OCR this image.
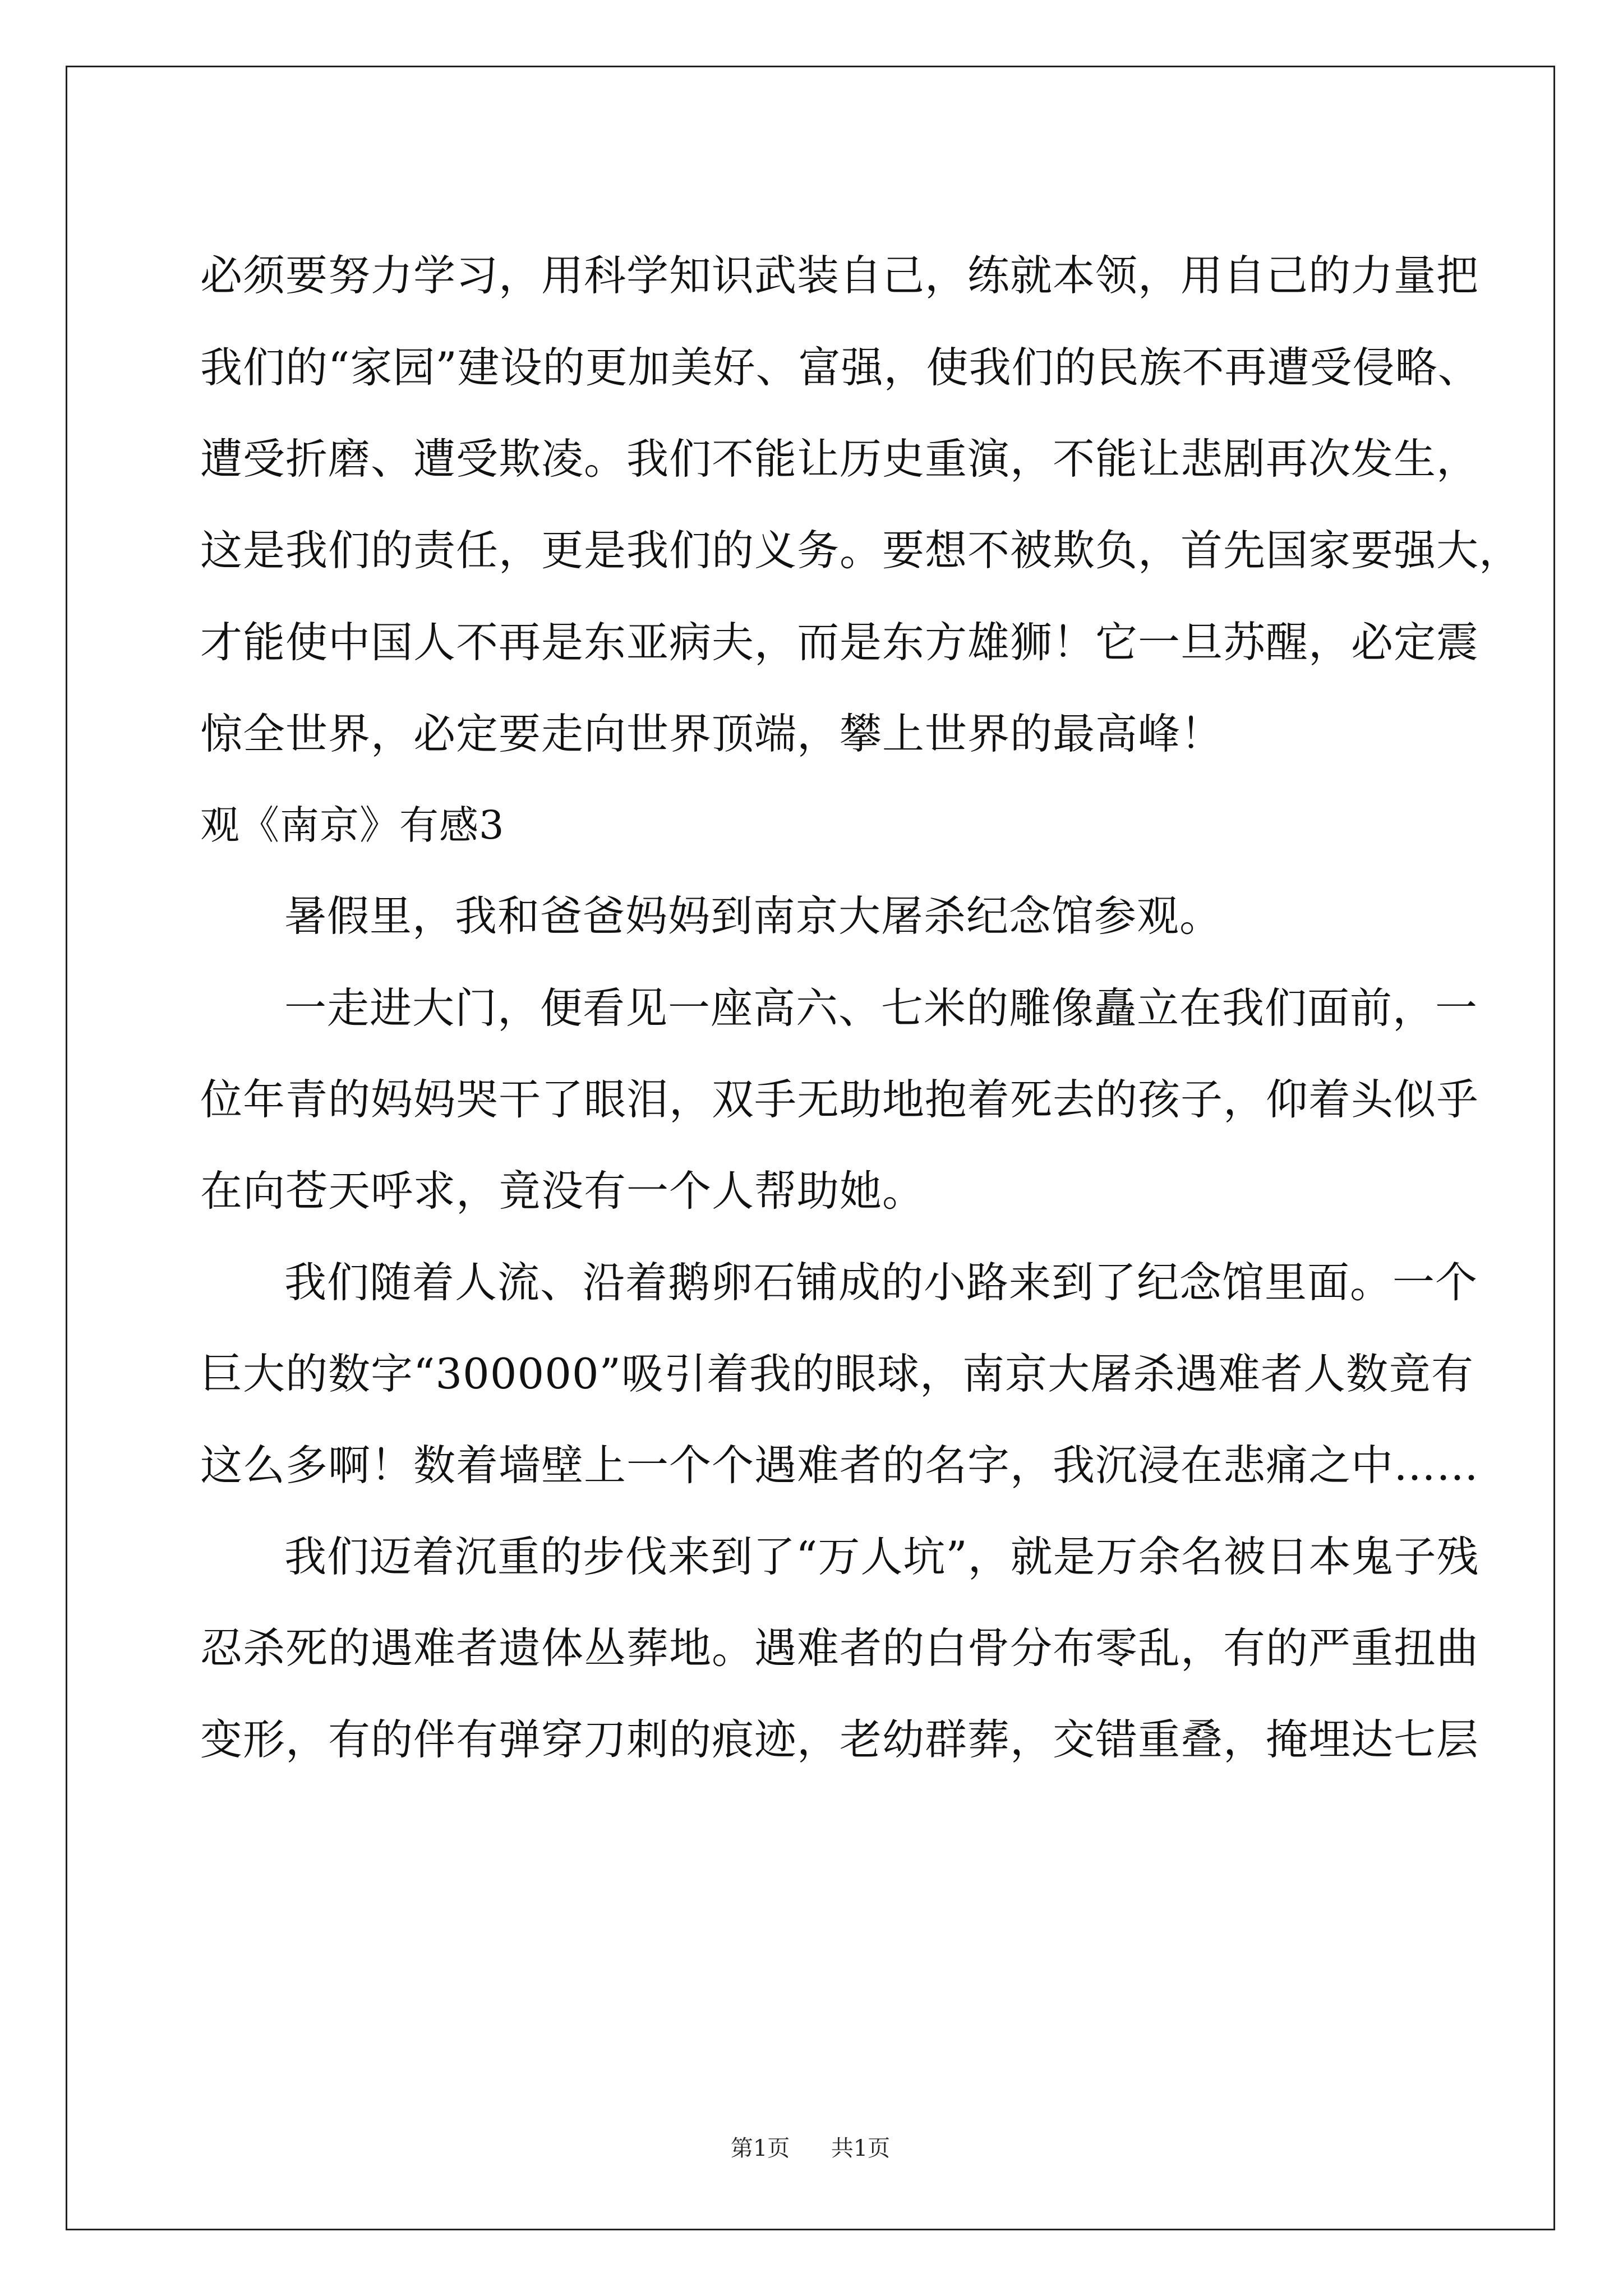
必须要努力学习，用科学知识武装自己，练就本领，用自己的力量把
我们的“家园”建设的更加美好、富强，使我们的民族不再遭受侵略、
遭受折磨、遭受欺凌。我们不能让历史重演，不能让悲剧再次发生，
这是我们的责任，更是我们的义务。要想不被欺负，首先国家要强大，
才能使中国人不再是东亚病夫，而是东方雄狮！它一旦苏醒，必定震
惊全世界，必定要走向世界顶端，攀上世界的最高峰！
观《南京》有感3
暑假里，我和爸爸妈妈到南京大屠杀纪念馆参观。
一走进大门，便看见一座高六、七米的雕像矗立在我们面前，一
位年青的妈妈哭干了眼泪，双手无助地抱着死去的孩子，仰着头似乎
在向苍天呼求，竟没有一个人帮助她。
我们随着人流、沿着鹅卵石铺成的小路来到了纪念馆里面。一个
巨大的数字“300000”吸引着我的眼球，南京大屠杀遇难者人数竟有
这么多啊！数着墙壁上一个个遇难者的名字，我沉浸在悲痛之中……
我们迈着沉重的步伐来到了“万人坑”，就是万余名被日本鬼子残
忍杀死的遇难者遗体丛葬地。遇难者的白骨分布零乱，有的严重扭曲
变形，有的伴有弹穿刀刺的痕迹，老幼群葬，交错重叠，掩埋达七层
第1页 共1页
